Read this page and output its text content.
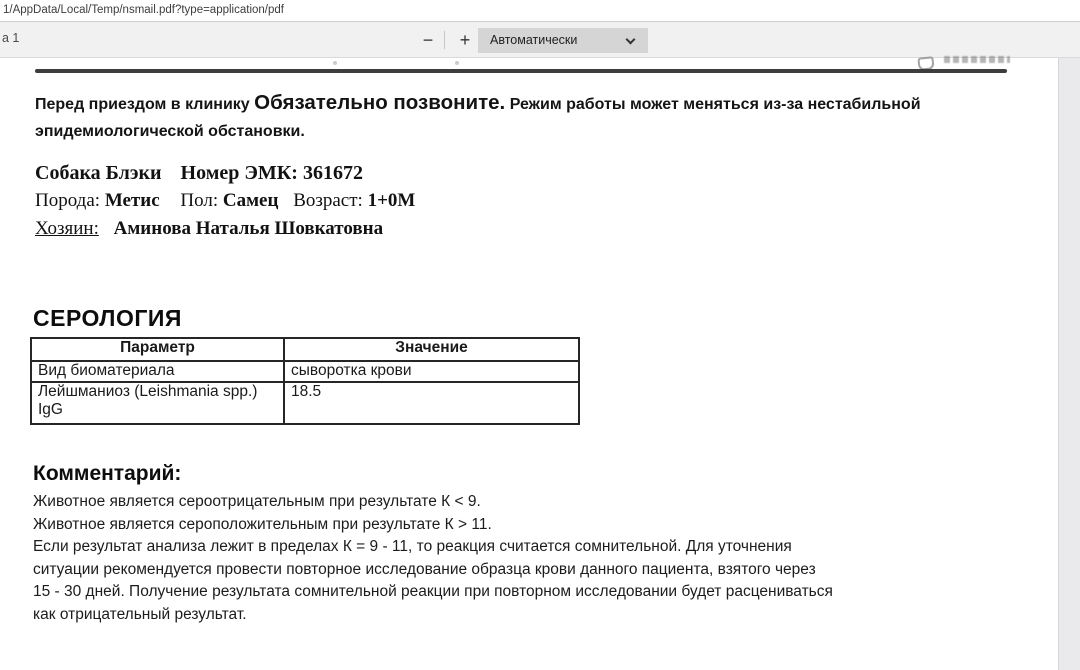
1/AppData/Local/Temp/nsmail.pdf?type=application/pdf
а 1	−	+	Автоматически
Перед приездом в клинику Обязательно позвоните. Режим работы может меняться из-за нестабильной
эпидемиологической обстановки.
Собака Блэки Номер ЭМК: 361672
Порода: Метис Пол: Самец Возраст: 1+0М
Хозяин: Аминова Наталья Шовкатовна
СЕРОЛОГИЯ
Параметр	Значение
Вид биоматериала	сыворотка крови
Лейшманиоз (Leishmania spp.) IgG	18.5
Комментарий:
Животное является сероотрицательным при результате К < 9.
Животное является сероположительным при результате К > 11.
Если результат анализа лежит в пределах К = 9 - 11, то реакция считается сомнительной. Для уточнения
ситуации рекомендуется провести повторное исследование образца крови данного пациента, взятого через
15 - 30 дней. Получение результата сомнительной реакции при повторном исследовании будет расцениваться
как отрицательный результат.
